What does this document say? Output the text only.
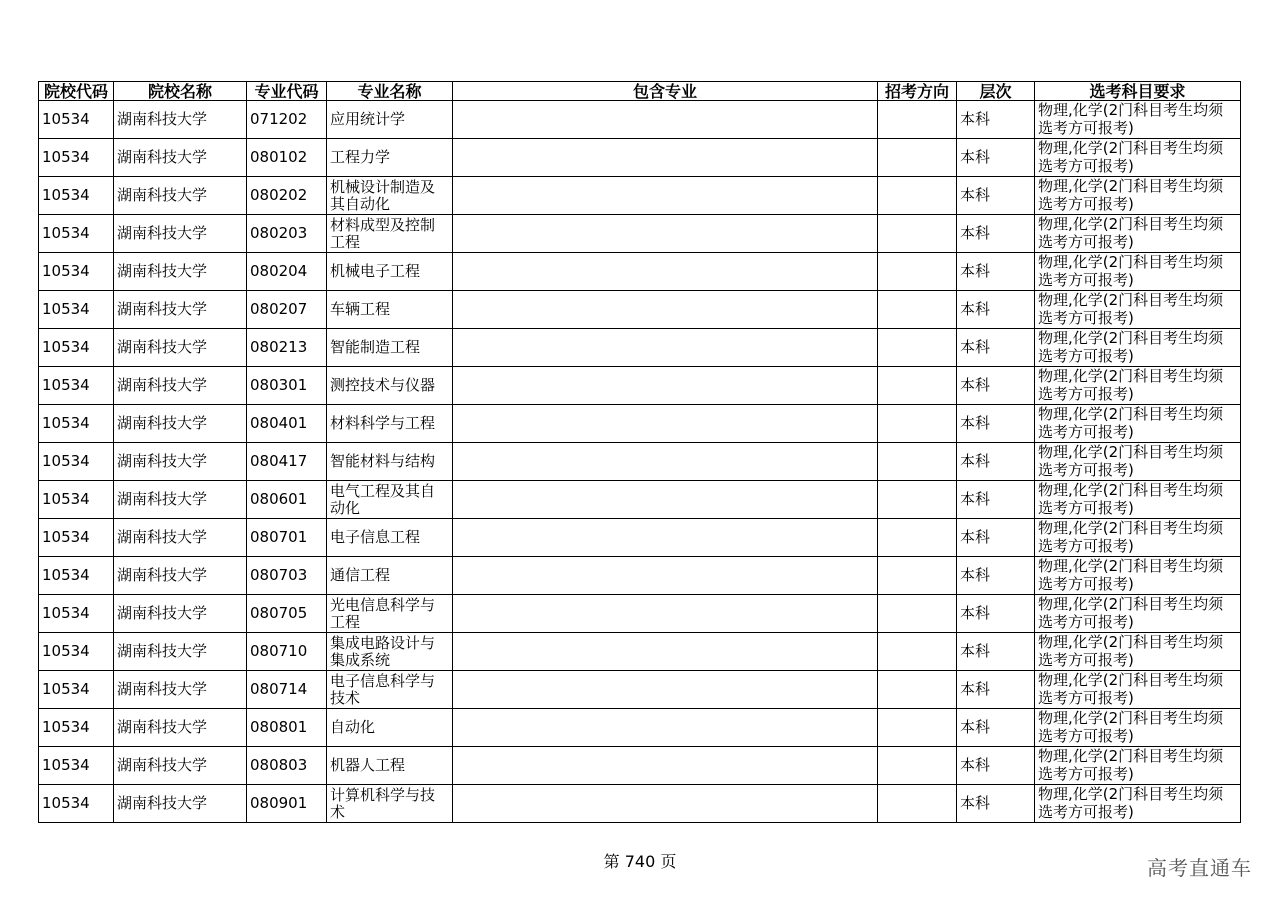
院校代码	院校名称	专业代码	专业名称	包含专业	招考方向	层次	选考科目要求
10534	湖南科技大学	071202	应用统计学			本科	物理,化学(2门科目考生均须选考方可报考)
10534	湖南科技大学	080102	工程力学			本科	物理,化学(2门科目考生均须选考方可报考)
10534	湖南科技大学	080202	机械设计制造及其自动化			本科	物理,化学(2门科目考生均须选考方可报考)
10534	湖南科技大学	080203	材料成型及控制工程			本科	物理,化学(2门科目考生均须选考方可报考)
10534	湖南科技大学	080204	机械电子工程			本科	物理,化学(2门科目考生均须选考方可报考)
10534	湖南科技大学	080207	车辆工程			本科	物理,化学(2门科目考生均须选考方可报考)
10534	湖南科技大学	080213	智能制造工程			本科	物理,化学(2门科目考生均须选考方可报考)
10534	湖南科技大学	080301	测控技术与仪器			本科	物理,化学(2门科目考生均须选考方可报考)
10534	湖南科技大学	080401	材料科学与工程			本科	物理,化学(2门科目考生均须选考方可报考)
10534	湖南科技大学	080417	智能材料与结构			本科	物理,化学(2门科目考生均须选考方可报考)
10534	湖南科技大学	080601	电气工程及其自动化			本科	物理,化学(2门科目考生均须选考方可报考)
10534	湖南科技大学	080701	电子信息工程			本科	物理,化学(2门科目考生均须选考方可报考)
10534	湖南科技大学	080703	通信工程			本科	物理,化学(2门科目考生均须选考方可报考)
10534	湖南科技大学	080705	光电信息科学与工程			本科	物理,化学(2门科目考生均须选考方可报考)
10534	湖南科技大学	080710	集成电路设计与集成系统			本科	物理,化学(2门科目考生均须选考方可报考)
10534	湖南科技大学	080714	电子信息科学与技术			本科	物理,化学(2门科目考生均须选考方可报考)
10534	湖南科技大学	080801	自动化			本科	物理,化学(2门科目考生均须选考方可报考)
10534	湖南科技大学	080803	机器人工程			本科	物理,化学(2门科目考生均须选考方可报考)
10534	湖南科技大学	080901	计算机科学与技术			本科	物理,化学(2门科目考生均须选考方可报考)
第 740 页	高考直通车
